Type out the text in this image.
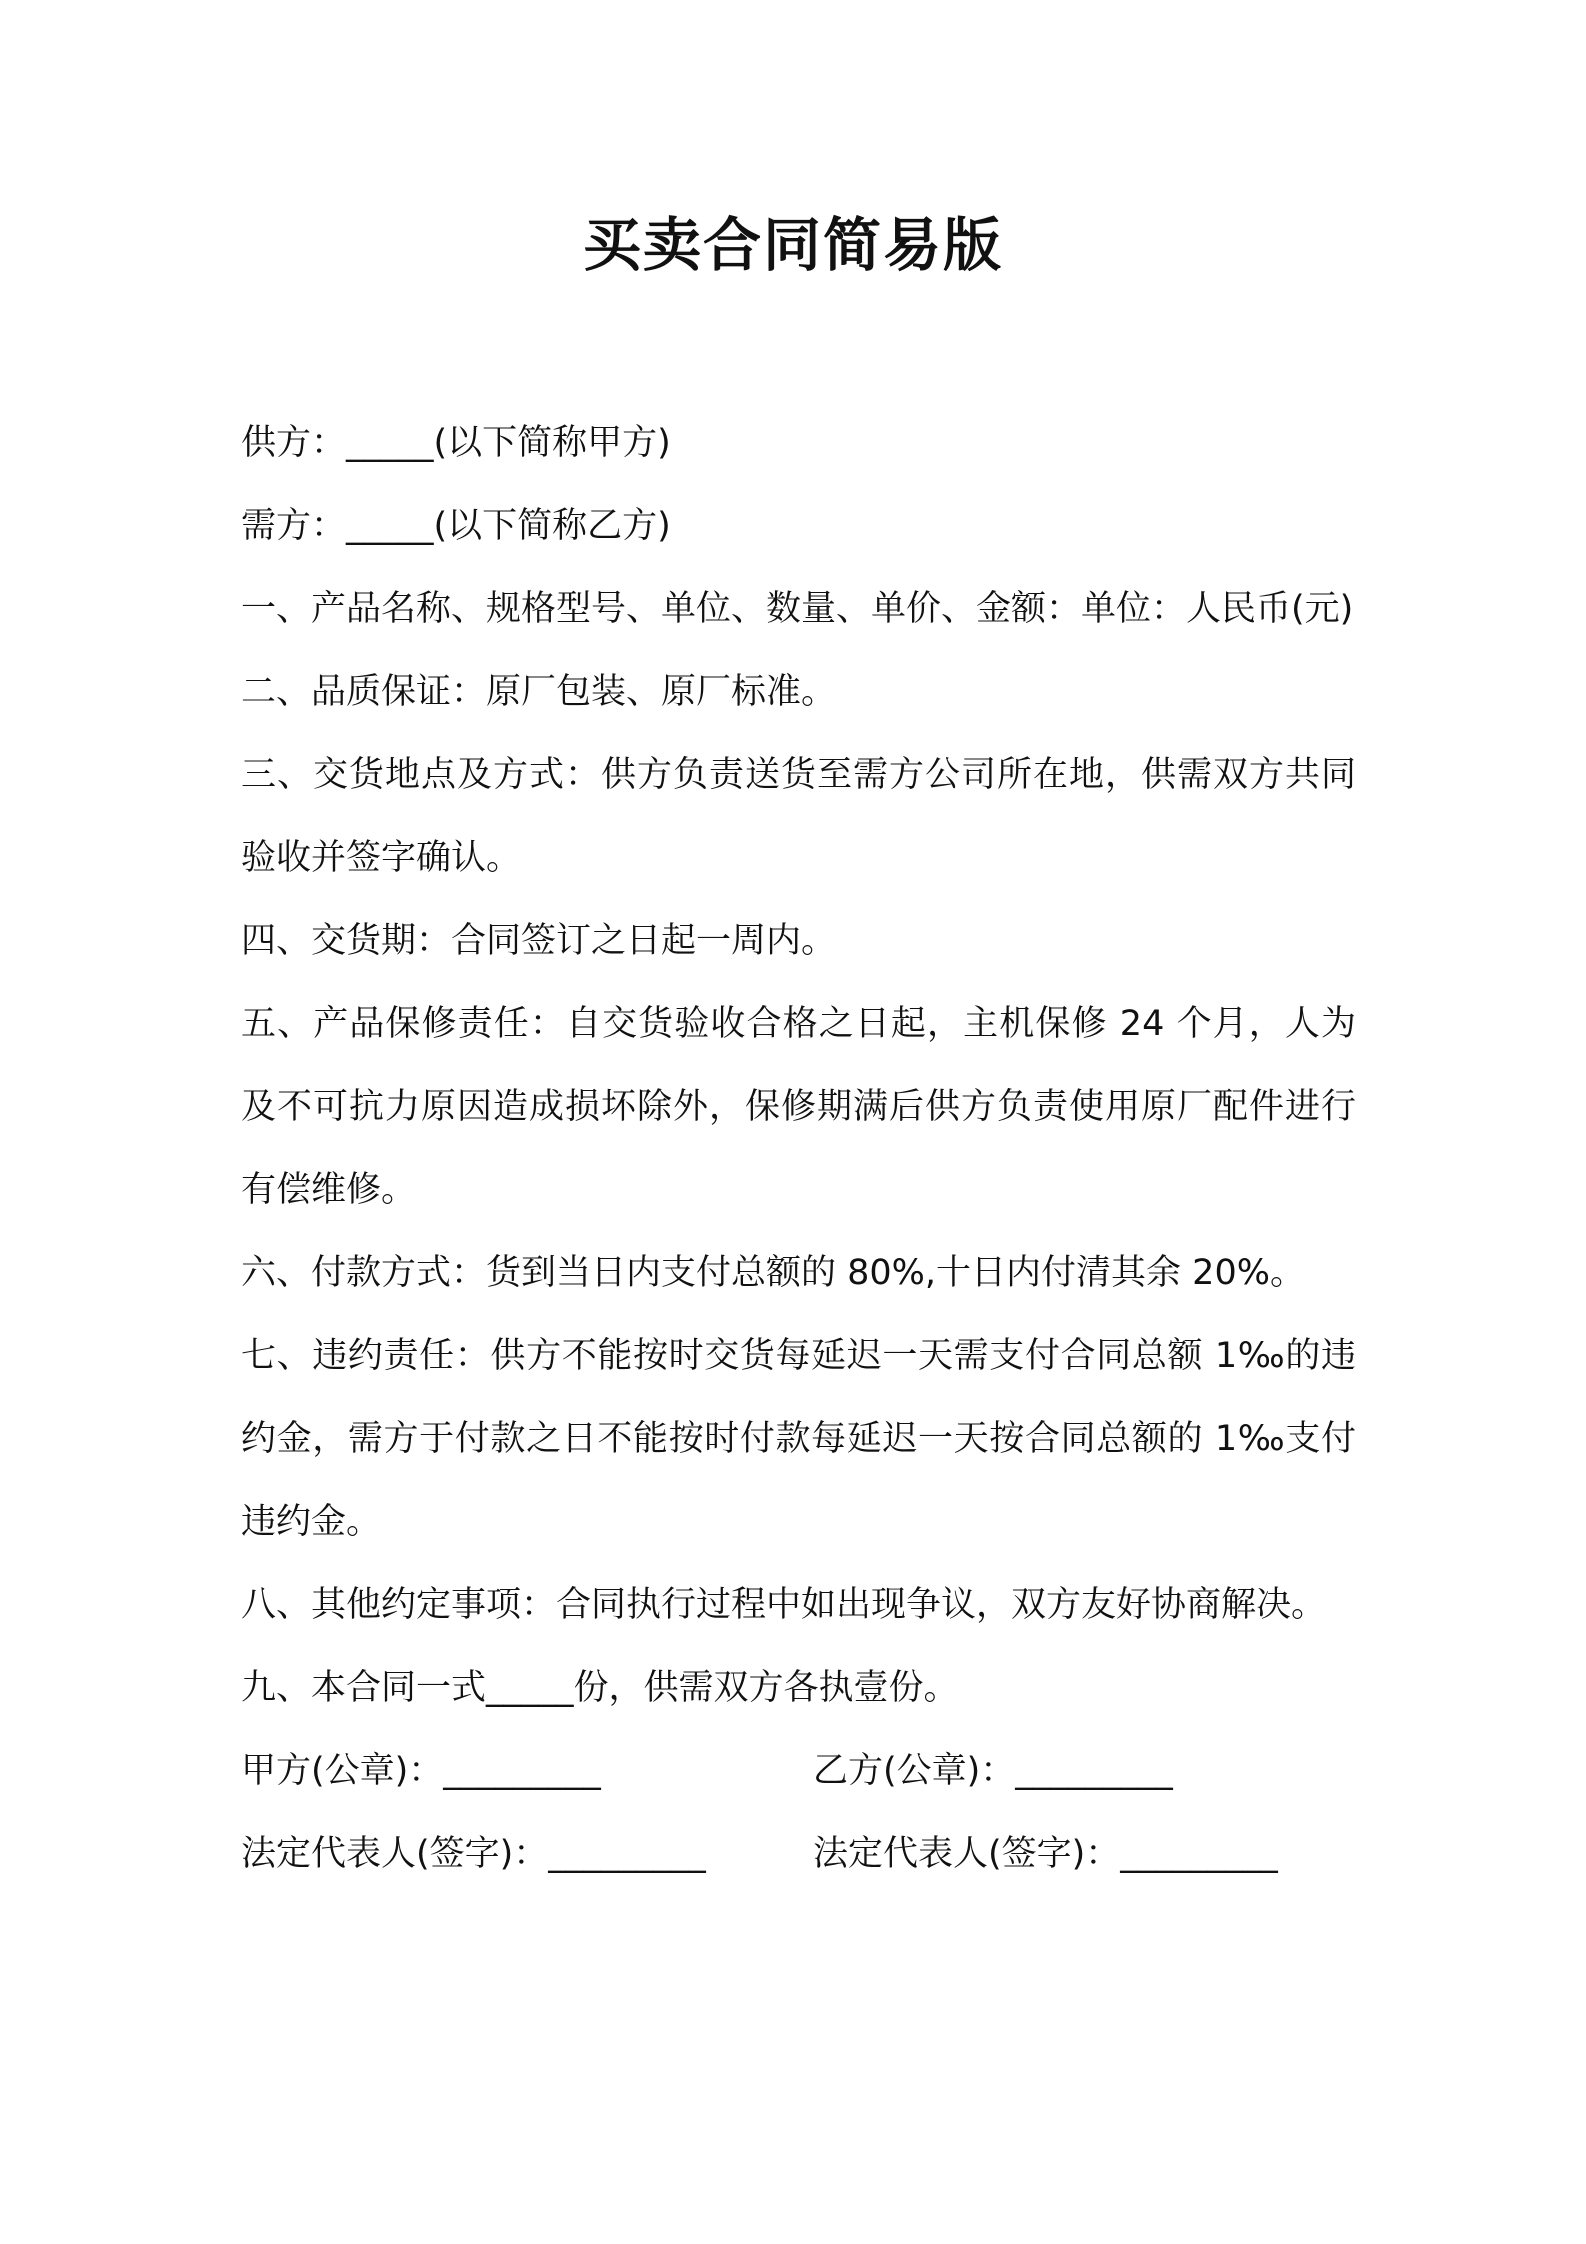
买卖合同简易版
供方：_____(以下简称甲方)
需方：_____(以下简称乙方)
一、产品名称、规格型号、单位、数量、单价、金额：单位：人民币(元)
二、品质保证：原厂包装、原厂标准。
三、交货地点及方式：供方负责送货至需方公司所在地，供需双方共同验收并签字确认。
四、交货期：合同签订之日起一周内。
五、产品保修责任：自交货验收合格之日起，主机保修 24 个月，人为及不可抗力原因造成损坏除外，保修期满后供方负责使用原厂配件进行有偿维修。
六、付款方式：货到当日内支付总额的 80%,十日内付清其余 20%。
七、违约责任：供方不能按时交货每延迟一天需支付合同总额 1‰的违约金，需方于付款之日不能按时付款每延迟一天按合同总额的 1‰支付违约金。
八、其他约定事项：合同执行过程中如出现争议，双方友好协商解决。
九、本合同一式_____份，供需双方各执壹份。
甲方(公章)：_________	乙方(公章)：_________
法定代表人(签字)：_________	法定代表人(签字)：_________
